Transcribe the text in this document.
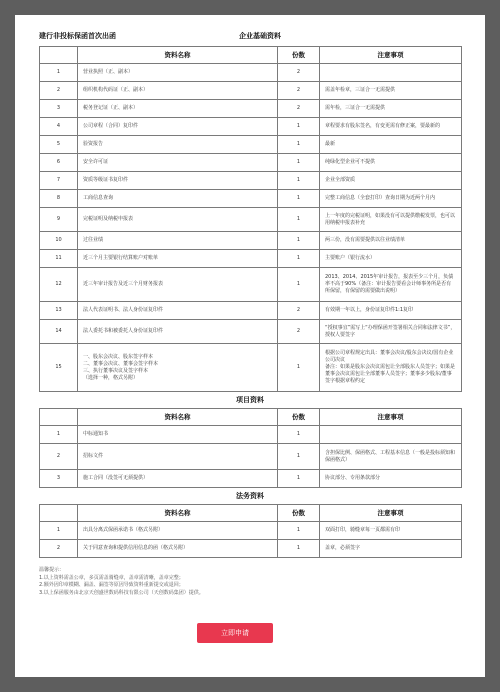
建行非投标保函首次出函	企业基础资料
	资料名称	份数	注意事项
1	营业执照（正、副本）	2	
2	组织机构代码证（正、副本）	2	需盖年检章，三证合一无需提供
3	税务登记证（正、副本）	2	需年检，三证合一无需提供
4	公司章程（合同）复印件	1	章程要求有股东签名，有变更需有修正案，要最新的
5	验资报告	1	最新
6	安全许可证	1	纯绿化型企业可不提供
7	资质等级证书复印件	1	企业全部资质
8	工商信息查询	1	完整工商信息（全套打印）查询日期为近两个月内
9	完税证明及纳税申报表	1	上一年度的完税证明，如果没有可以提供缴税发票，也可以用纳税申报表补充
10	过往业绩	1	两三份，没有需要提供以往业绩清单
11	近三个月主要银行结算账户对账单	1	主要账户（银行流水）
12	近三年审计报告及近三个月财务报表	1	2013、2014、2015年审计报告，报表至少三个月，负债率不高于90%（备注：审计报告要看会计师事务所是否有所保留，有保留的需要做出说明）
13	法人代表证明书、法人身份证复印件	2	有效期一年以上，身份证复印件1:1复印
14	法人委托书和被委托人身份证复印件	2	“授权事宜”需写上“办理保函开签署相关合同和法律文书”，授权人要签字
15	一、股东会决议、股东签字样本
二、董事会决议、董事会签字样本
三、执行董事决议及签字样本
（选择一种，格式另附）	1	根据公司章程规定出具：董事会决议/股东会决议/国有企业公司决议
备注：如果是股东会决议需包让全部股东人员签字；如果是董事会决议需包让全部董事人员签字；董事多少股东/董事签字根据章程约定
项目资料
	资料名称	份数	注意事项
1	中标通知书	1	
2	招标文件	1	含担保比例、保函格式、工程基本信息（一般是投标须知和保函格式）
3	施工合同（没签可无须提供）	1	协议部分、专用条款部分
法务资料
	资料名称	份数	注意事项
1	出具分离式保函承诺书（格式另附）	1	双面打印，骑缝章每一页都需有印
2	关于同意查询和提供信用信息的函（格式另附）	1	盖章，必须签字
温馨提示：
1.以上资料需盖公章，多页需盖骑缝章，盖章需清晰，盖章完整；
2.额外因印章模糊、漏盖、漏签等原因导致资料重新提交或退回；
3.以上保函服务由北京天创盛世数码科技有限公司（天创数码集团）提供。
立即申请
